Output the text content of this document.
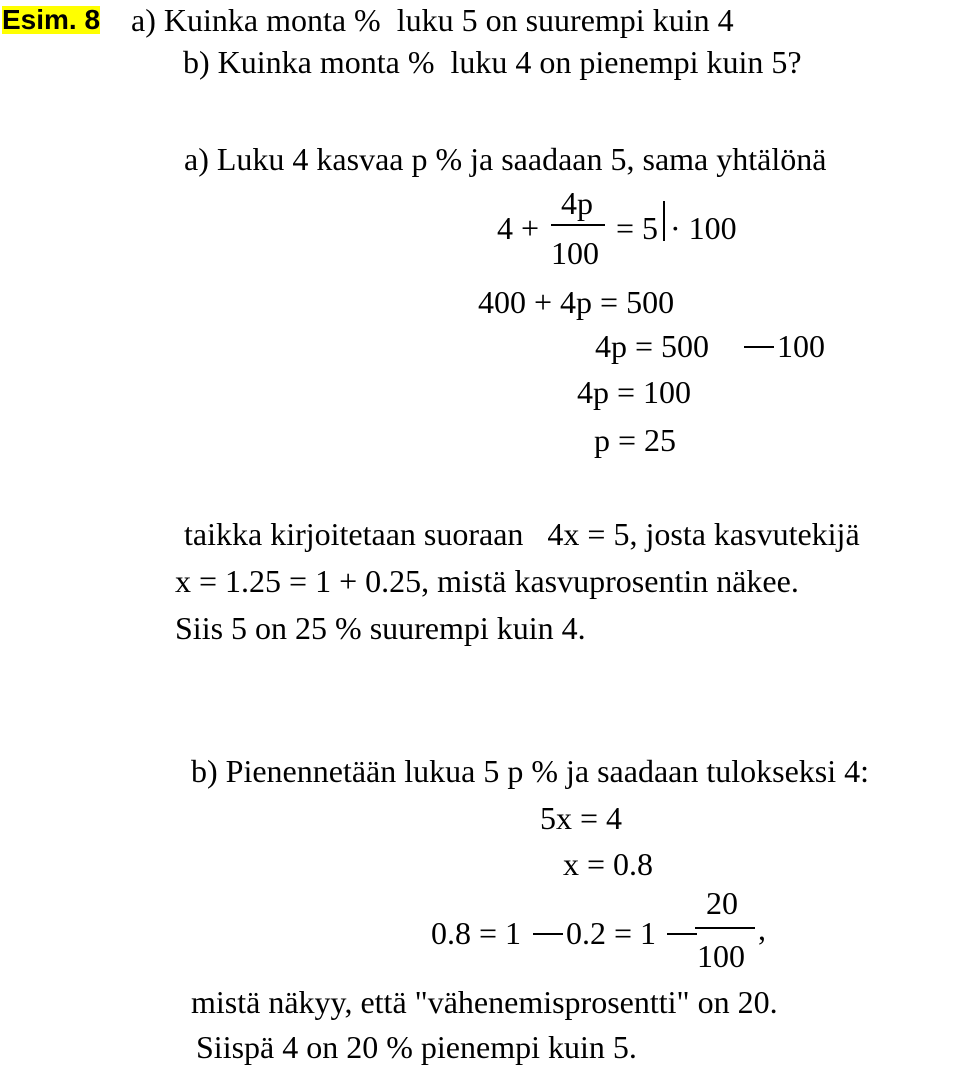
Esim. 8 a) Kuinka monta %  luku 5 on suurempi kuin 4
b) Kuinka monta %  luku 4 on pienempi kuin 5?
a) Luku 4 kasvaa p % ja saadaan 5, sama yhtälönä
4 +
4p
100
= 5 · 100
400 + 4p = 500
4p = 500 100
4p = 100
p = 25
taikka kirjoitetaan suoraan   4x = 5, josta kasvutekijä
x = 1.25 = 1 + 0.25, mistä kasvuprosentin näkee.
Siis 5 on 25 % suurempi kuin 4.
b) Pienennetään lukua 5 p % ja saadaan tulokseksi 4:
5x = 4
x = 0.8
0.8 = 1 0.2 = 1
20
100
,
mistä näkyy, että "vähenemisprosentti" on 20.
Siispä 4 on 20 % pienempi kuin 5.
